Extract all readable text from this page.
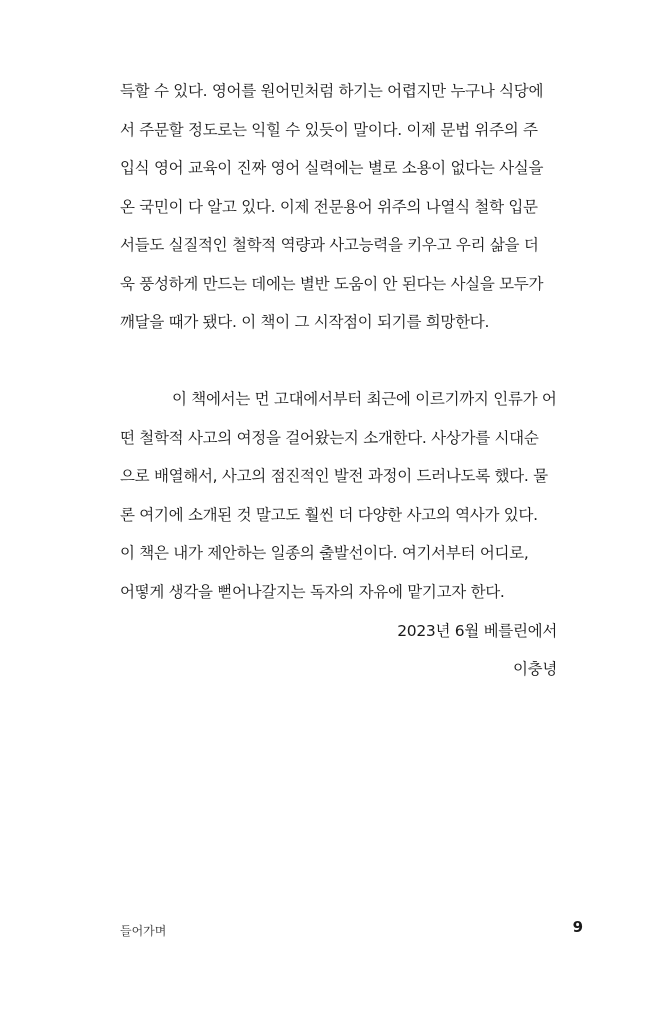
득할 수 있다. 영어를 원어민처럼 하기는 어렵지만 누구나 식당에
서 주문할 정도로는 익힐 수 있듯이 말이다. 이제 문법 위주의 주
입식 영어 교육이 진짜 영어 실력에는 별로 소용이 없다는 사실을
온 국민이 다 알고 있다. 이제 전문용어 위주의 나열식 철학 입문
서들도 실질적인 철학적 역량과 사고능력을 키우고 우리 삶을 더
욱 풍성하게 만드는 데에는 별반 도움이 안 된다는 사실을 모두가
깨달을 때가 됐다. 이 책이 그 시작점이 되기를 희망한다.
이 책에서는 먼 고대에서부터 최근에 이르기까지 인류가 어
떤 철학적 사고의 여정을 걸어왔는지 소개한다. 사상가를 시대순
으로 배열해서, 사고의 점진적인 발전 과정이 드러나도록 했다. 물
론 여기에 소개된 것 말고도 훨씬 더 다양한 사고의 역사가 있다.
이 책은 내가 제안하는 일종의 출발선이다. 여기서부터 어디로,
어떻게 생각을 뻗어나갈지는 독자의 자유에 맡기고자 한다.
2023년 6월 베를린에서
이충녕
들어가며	9
